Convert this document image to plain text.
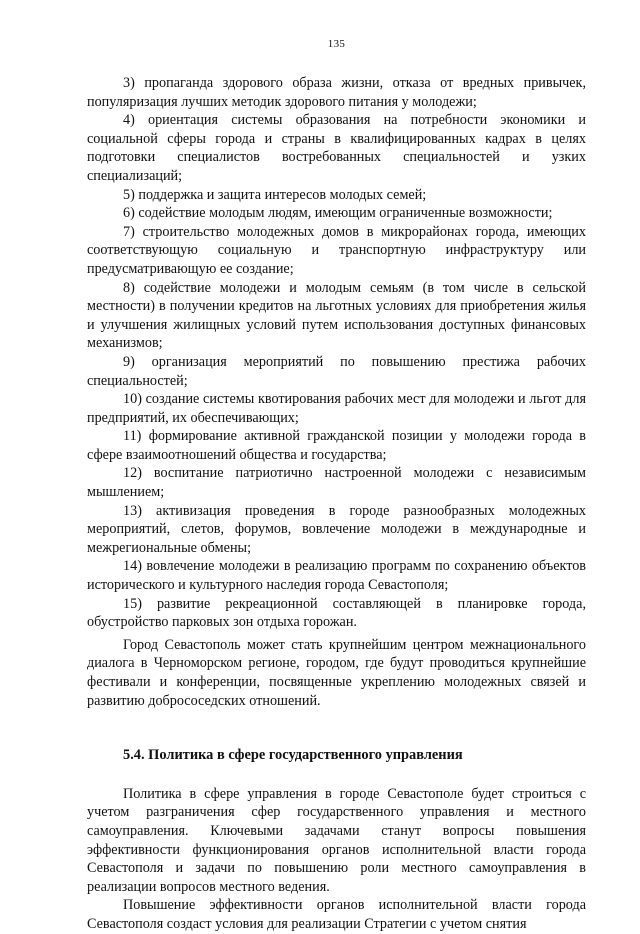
135

3) пропаганда здорового образа жизни, отказа от вредных привычек, популяризация лучших методик здорового питания у молодежи;

4) ориентация системы образования на потребности экономики и социальной сферы города и страны в квалифицированных кадрах в целях подготовки специалистов востребованных специальностей и узких специализаций;

5) поддержка и защита интересов молодых семей;

6) содействие молодым людям, имеющим ограниченные возможности;

7) строительство молодежных домов в микрорайонах города, имеющих соответствующую социальную и транспортную инфраструктуру или предусматривающую ее создание;

8) содействие молодежи и молодым семьям (в том числе в сельской местности) в получении кредитов на льготных условиях для приобретения жилья и улучшения жилищных условий путем использования доступных финансовых механизмов;

9) организация мероприятий по повышению престижа рабочих специальностей;

10) создание системы квотирования рабочих мест для молодежи и льгот для предприятий, их обеспечивающих;

11) формирование активной гражданской позиции у молодежи города в сфере взаимоотношений общества и государства;

12) воспитание патриотично настроенной молодежи с независимым мышлением;

13) активизация проведения в городе разнообразных молодежных мероприятий, слетов, форумов, вовлечение молодежи в международные и межрегиональные обмены;

14) вовлечение молодежи в реализацию программ по сохранению объектов исторического и культурного наследия города Севастополя;

15) развитие рекреационной составляющей в планировке города, обустройство парковых зон отдыха горожан.

Город Севастополь может стать крупнейшим центром межнационального диалога в Черноморском регионе, городом, где будут проводиться крупнейшие фестивали и конференции, посвященные укреплению молодежных связей и развитию добрососедских отношений.

5.4. Политика в сфере государственного управления

Политика в сфере управления в городе Севастополе будет строиться с учетом разграничения сфер государственного управления и местного самоуправления. Ключевыми задачами станут вопросы повышения эффективности функционирования органов исполнительной власти города Севастополя и задачи по повышению роли местного самоуправления в реализации вопросов местного ведения.

Повышение эффективности органов исполнительной власти города Севастополя создаст условия для реализации Стратегии с учетом снятия
